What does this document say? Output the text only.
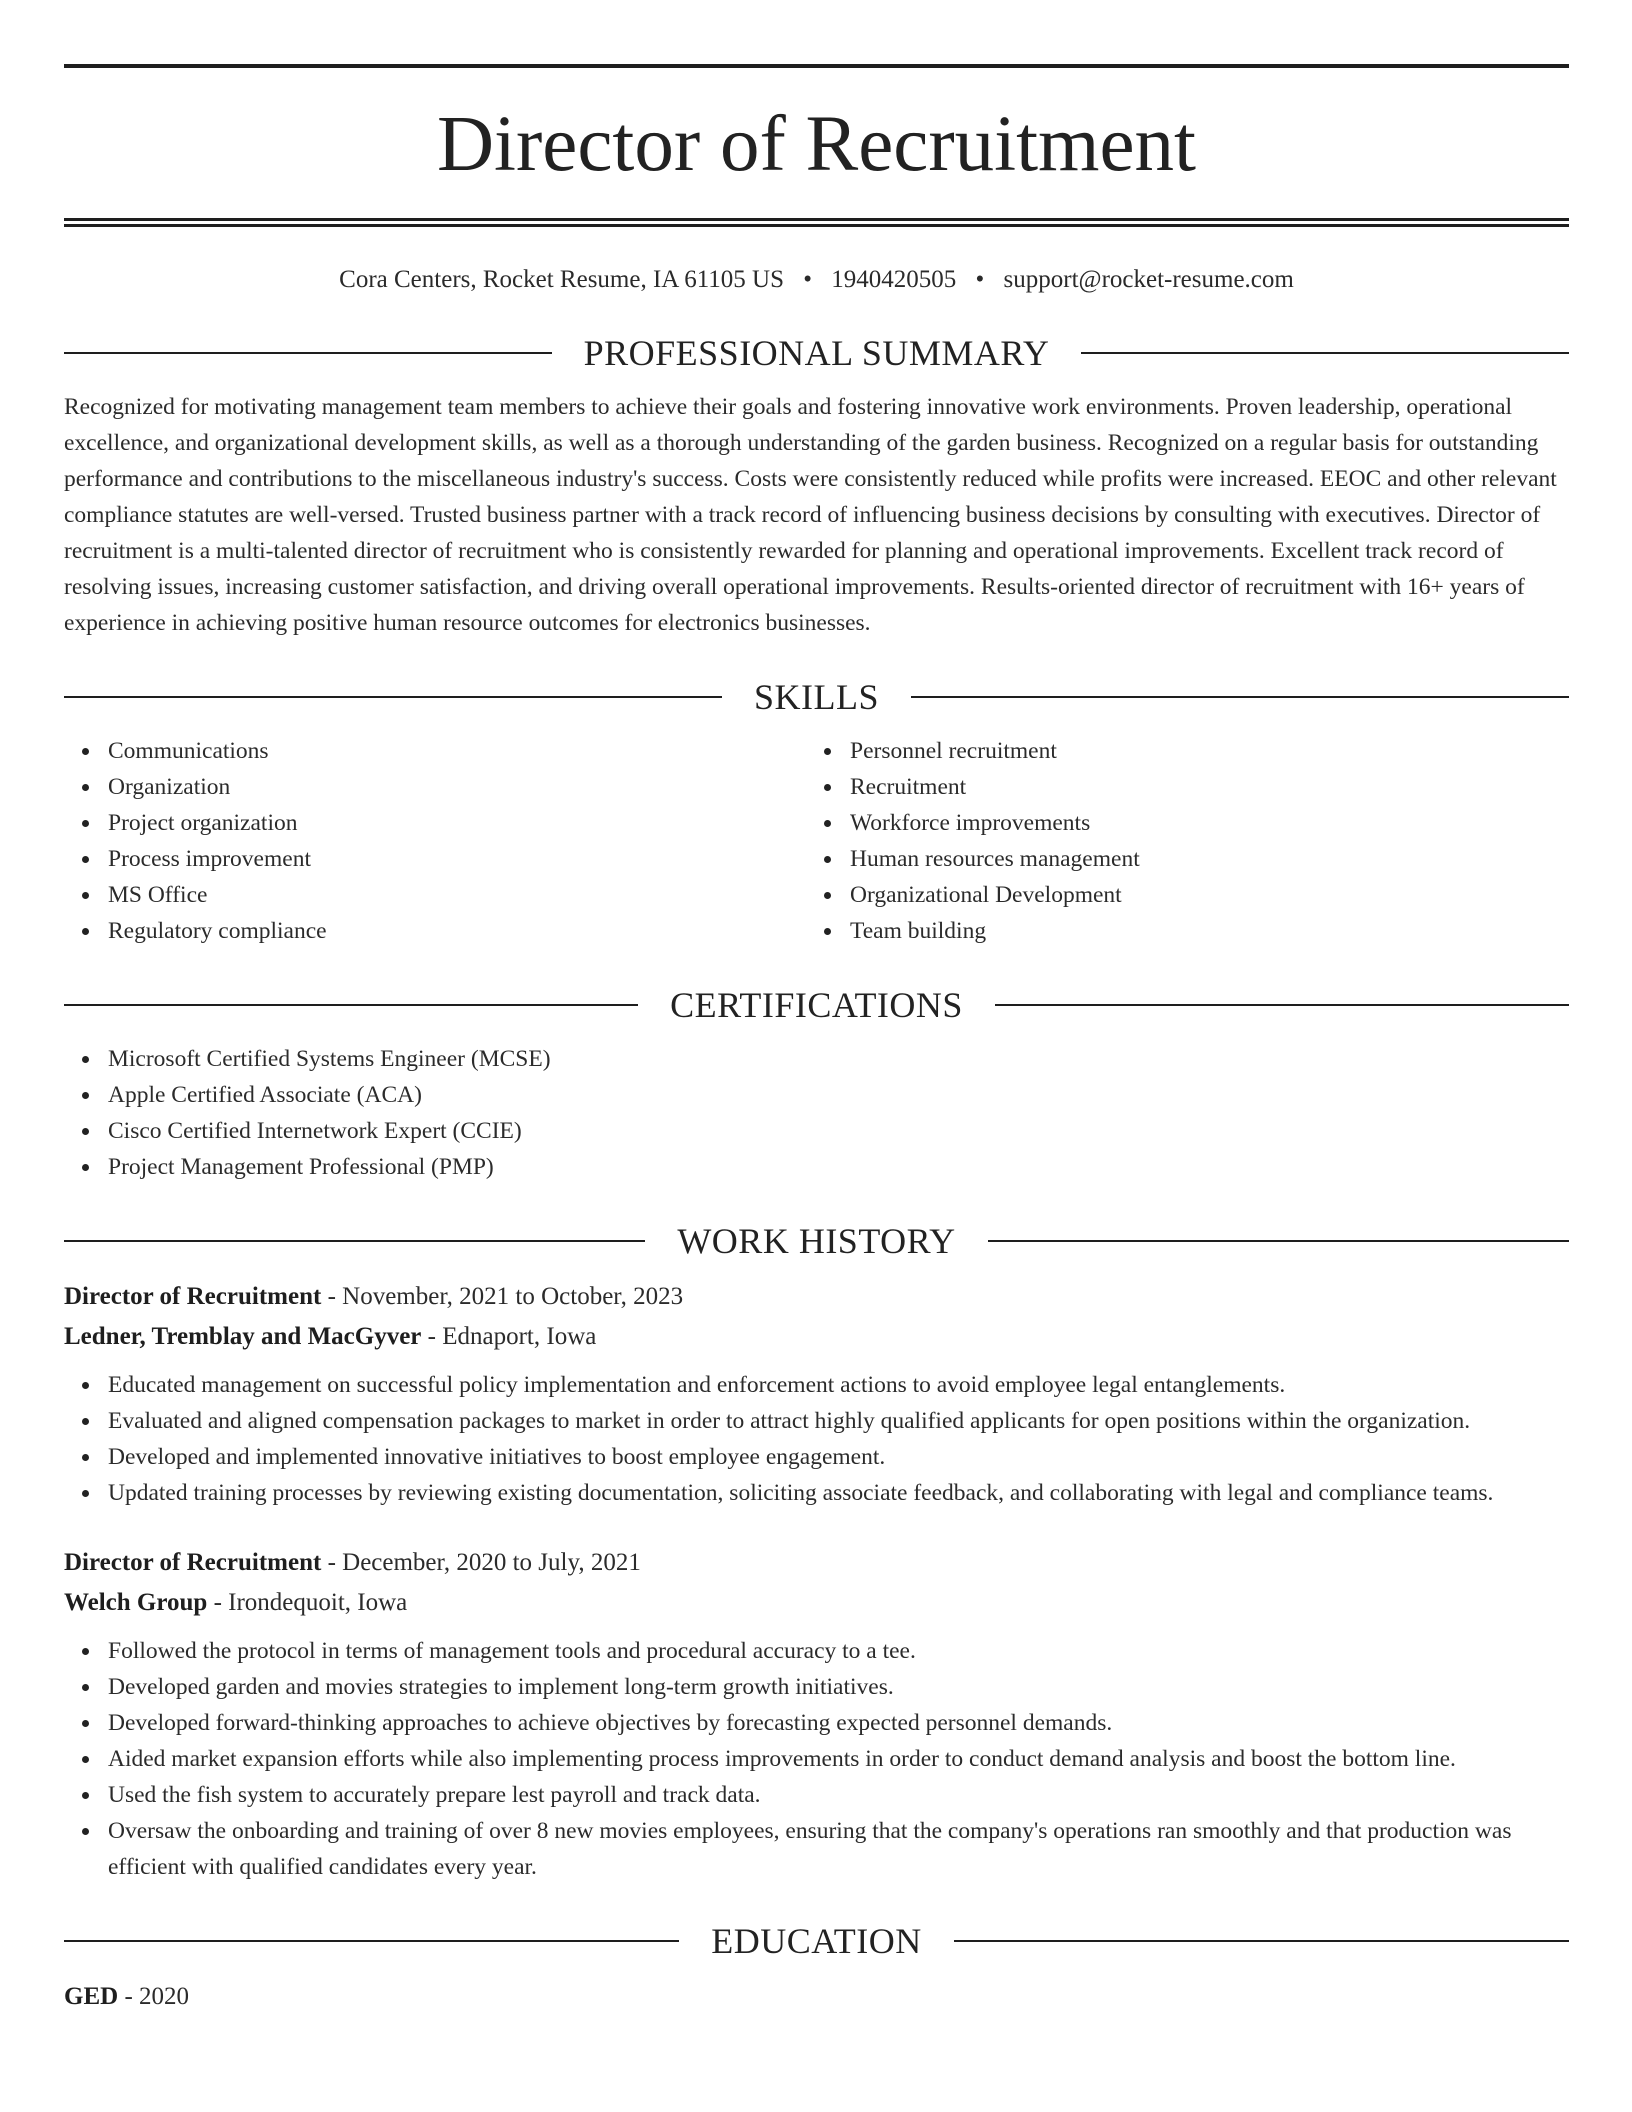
Director of Recruitment
Cora Centers, Rocket Resume, IA 61105 US • 1940420505 • support@rocket-resume.com
PROFESSIONAL SUMMARY

Recognized for motivating management team members to achieve their goals and fostering innovative work environments. Proven leadership, operational excellence, and organizational development skills, as well as a thorough understanding of the garden business. Recognized on a regular basis for outstanding performance and contributions to the miscellaneous industry's success. Costs were consistently reduced while profits were increased. EEOC and other relevant compliance statutes are well-versed. Trusted business partner with a track record of influencing business decisions by consulting with executives. Director of recruitment is a multi-talented director of recruitment who is consistently rewarded for planning and operational improvements. Excellent track record of resolving issues, increasing customer satisfaction, and driving overall operational improvements. Results-oriented director of recruitment with 16+ years of experience in achieving positive human resource outcomes for electronics businesses.

SKILLS
Communications
Organization
Project organization
Process improvement
MS Office
Regulatory compliance
Personnel recruitment
Recruitment
Workforce improvements
Human resources management
Organizational Development
Team building
CERTIFICATIONS
Microsoft Certified Systems Engineer (MCSE)
Apple Certified Associate (ACA)
Cisco Certified Internetwork Expert (CCIE)
Project Management Professional (PMP)
WORK HISTORY
Director of Recruitment - November, 2021 to October, 2023
Ledner, Tremblay and MacGyver - Ednaport, Iowa
Educated management on successful policy implementation and enforcement actions to avoid employee legal entanglements.
Evaluated and aligned compensation packages to market in order to attract highly qualified applicants for open positions within the organization.
Developed and implemented innovative initiatives to boost employee engagement.
Updated training processes by reviewing existing documentation, soliciting associate feedback, and collaborating with legal and compliance teams.
Director of Recruitment - December, 2020 to July, 2021
Welch Group - Irondequoit, Iowa
Followed the protocol in terms of management tools and procedural accuracy to a tee.
Developed garden and movies strategies to implement long-term growth initiatives.
Developed forward-thinking approaches to achieve objectives by forecasting expected personnel demands.
Aided market expansion efforts while also implementing process improvements in order to conduct demand analysis and boost the bottom line.
Used the fish system to accurately prepare lest payroll and track data.
Oversaw the onboarding and training of over 8 new movies employees, ensuring that the company's operations ran smoothly and that production was efficient with qualified candidates every year.
EDUCATION
GED - 2020
